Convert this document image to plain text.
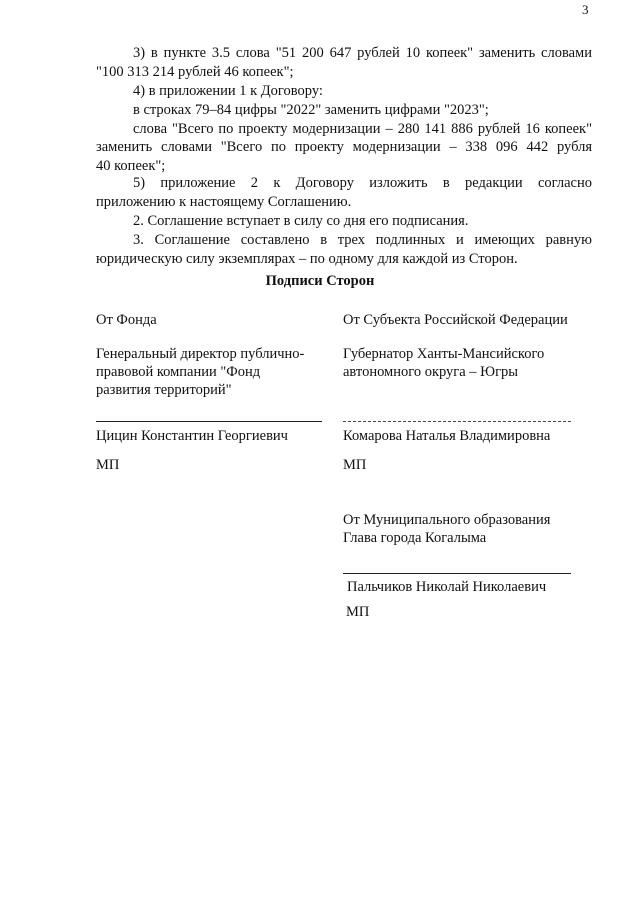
3
3) в пункте 3.5 слова "51 200 647 рублей 10 копеек" заменить словами
"100 313 214 рублей 46 копеек";
4) в приложении 1 к Договору:
в строках 79–84 цифры "2022" заменить цифрами "2023";
слова "Всего по проекту модернизации – 280 141 886 рублей 16 копеек"
заменить словами "Всего по проекту модернизации – 338 096 442 рубля
40 копеек";
5) приложение 2 к Договору изложить в редакции согласно
приложению к настоящему Соглашению.
2. Соглашение вступает в силу со дня его подписания.
3. Соглашение составлено в трех подлинных и имеющих равную
юридическую силу экземплярах – по одному для каждой из Сторон.
Подписи Сторон
От Фонда
Генеральный директор публично-
правовой компании "Фонд
развития территорий"
Цицин Константин Георгиевич
МП
От Субъекта Российской Федерации
Губернатор Ханты-Мансийского
автономного округа – Югры
Комарова Наталья Владимировна
МП
От Муниципального образования
Глава города Когалыма
Пальчиков Николай Николаевич
МП
